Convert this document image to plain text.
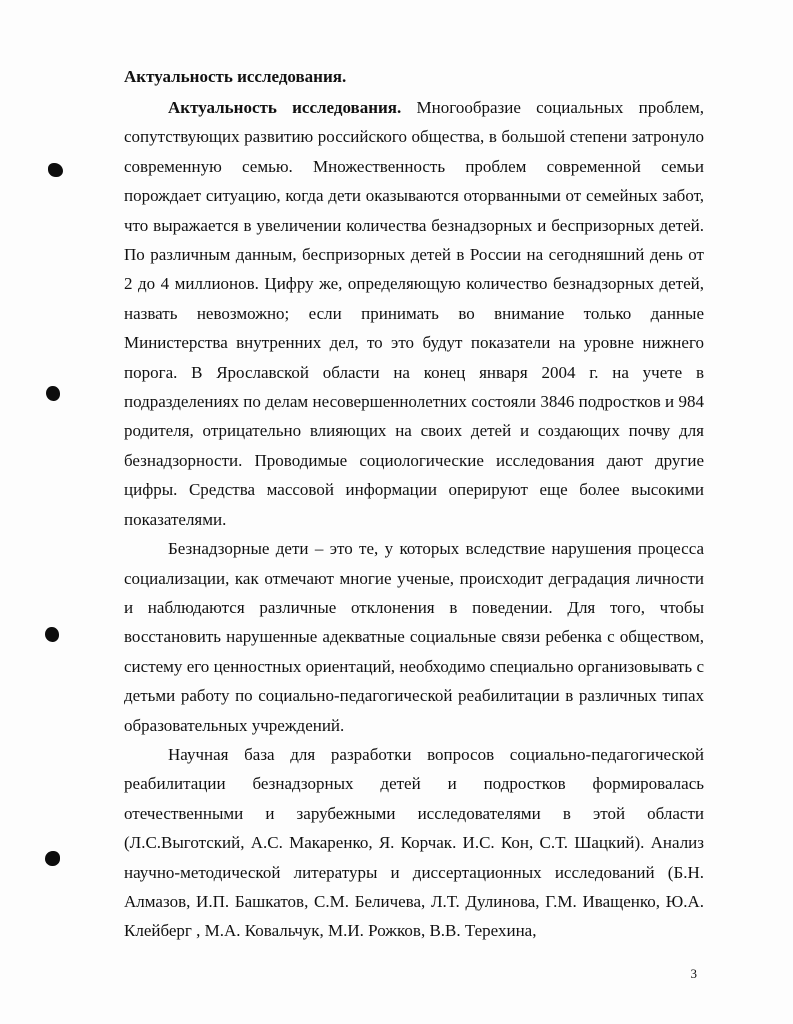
Актуальность исследования.

Актуальность исследования. Многообразие социальных проблем, сопутствующих развитию российского общества, в большой степени затронуло современную семью. Множественность проблем современной семьи порождает ситуацию, когда дети оказываются оторванными от семейных забот, что выражается в увеличении количества безнадзорных и беспризорных детей. По различным данным, беспризорных детей в России на сегодняшний день от 2 до 4 миллионов. Цифру же, определяющую количество безнадзорных детей, назвать невозможно; если принимать во внимание только данные Министерства внутренних дел, то это будут показатели на уровне нижнего порога. В Ярославской области на конец января 2004 г. на учете в подразделениях по делам несовершеннолетних состояли 3846 подростков и 984 родителя, отрицательно влияющих на своих детей и создающих почву для безнадзорности. Проводимые социологические исследования дают другие цифры. Средства массовой информации оперируют еще более высокими показателями.

Безнадзорные дети – это те, у которых вследствие нарушения процесса социализации, как отмечают многие ученые, происходит деградация личности и наблюдаются различные отклонения в поведении. Для того, чтобы восстановить нарушенные адекватные социальные связи ребенка с обществом, систему его ценностных ориентаций, необходимо специально организовывать с детьми работу по социально-педагогической реабилитации в различных типах образовательных учреждений.

Научная база для разработки вопросов социально-педагогической реабилитации безнадзорных детей и подростков формировалась отечественными и зарубежными исследователями в этой области (Л.С.Выготский, А.С. Макаренко, Я. Корчак. И.С. Кон, С.Т. Шацкий). Анализ научно-методической литературы и диссертационных исследований (Б.Н. Алмазов, И.П. Башкатов, С.М. Беличева, Л.Т. Дулинова, Г.М. Иващенко, Ю.А. Клейберг , М.А. Ковальчук, М.И. Рожков, В.В. Терехина,

3
